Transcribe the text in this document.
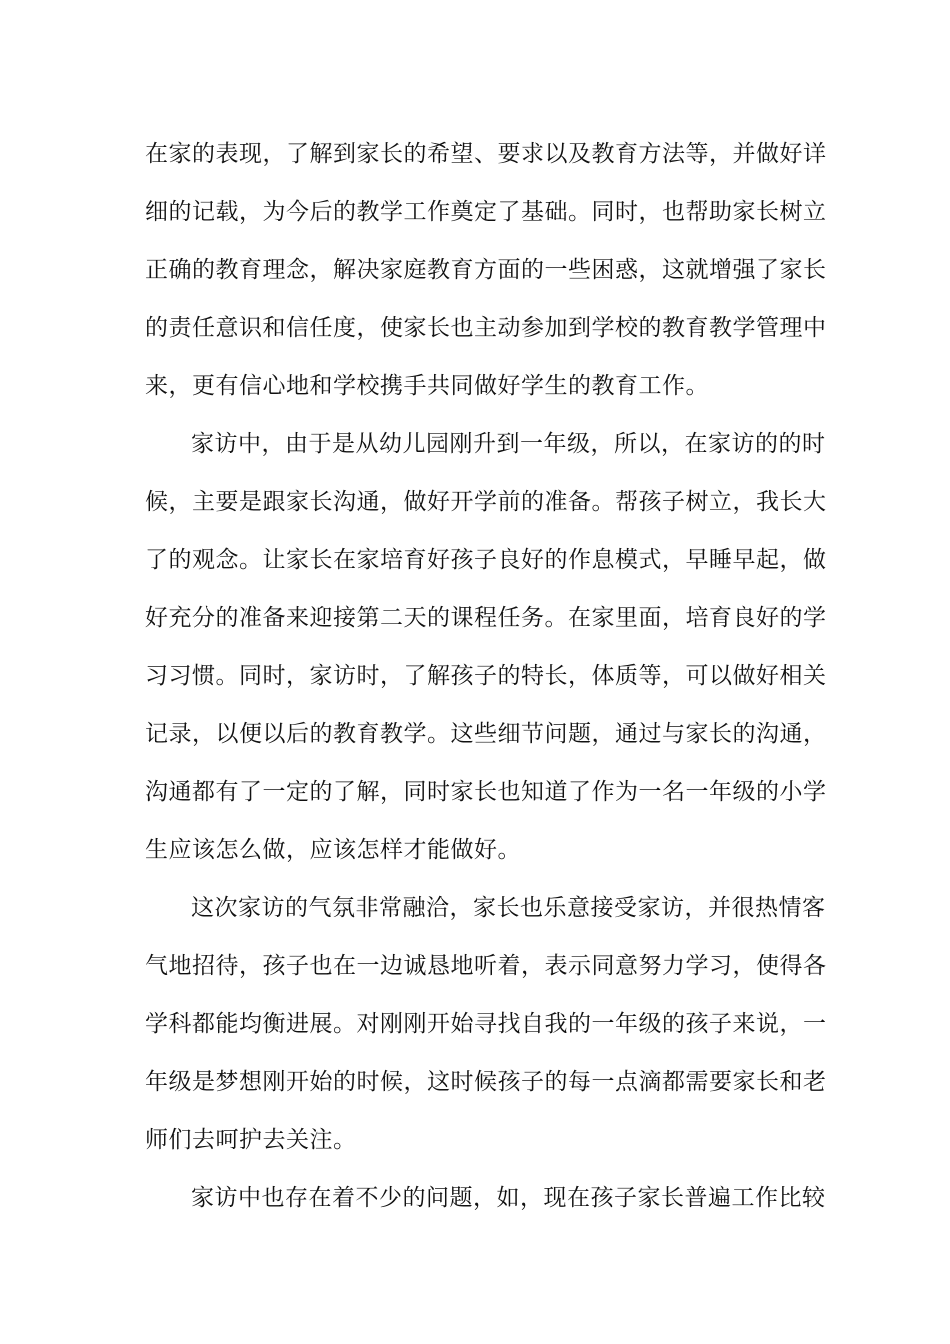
在家的表现，了解到家长的希望、要求以及教育方法等，并做好详
细的记载，为今后的教学工作奠定了基础。同时，也帮助家长树立
正确的教育理念，解决家庭教育方面的一些困惑，这就增强了家长
的责任意识和信任度，使家长也主动参加到学校的教育教学管理中
来，更有信心地和学校携手共同做好学生的教育工作。
家访中，由于是从幼儿园刚升到一年级，所以，在家访的的时
候，主要是跟家长沟通，做好开学前的准备。帮孩子树立，我长大
了的观念。让家长在家培育好孩子良好的作息模式，早睡早起，做
好充分的准备来迎接第二天的课程任务。在家里面，培育良好的学
习习惯。同时，家访时，了解孩子的特长，体质等，可以做好相关
记录，以便以后的教育教学。这些细节问题，通过与家长的沟通，
沟通都有了一定的了解，同时家长也知道了作为一名一年级的小学
生应该怎么做，应该怎样才能做好。
这次家访的气氛非常融洽，家长也乐意接受家访，并很热情客
气地招待，孩子也在一边诚恳地听着，表示同意努力学习，使得各
学科都能均衡进展。对刚刚开始寻找自我的一年级的孩子来说，一
年级是梦想刚开始的时候，这时候孩子的每一点滴都需要家长和老
师们去呵护去关注。
家访中也存在着不少的问题，如，现在孩子家长普遍工作比较
